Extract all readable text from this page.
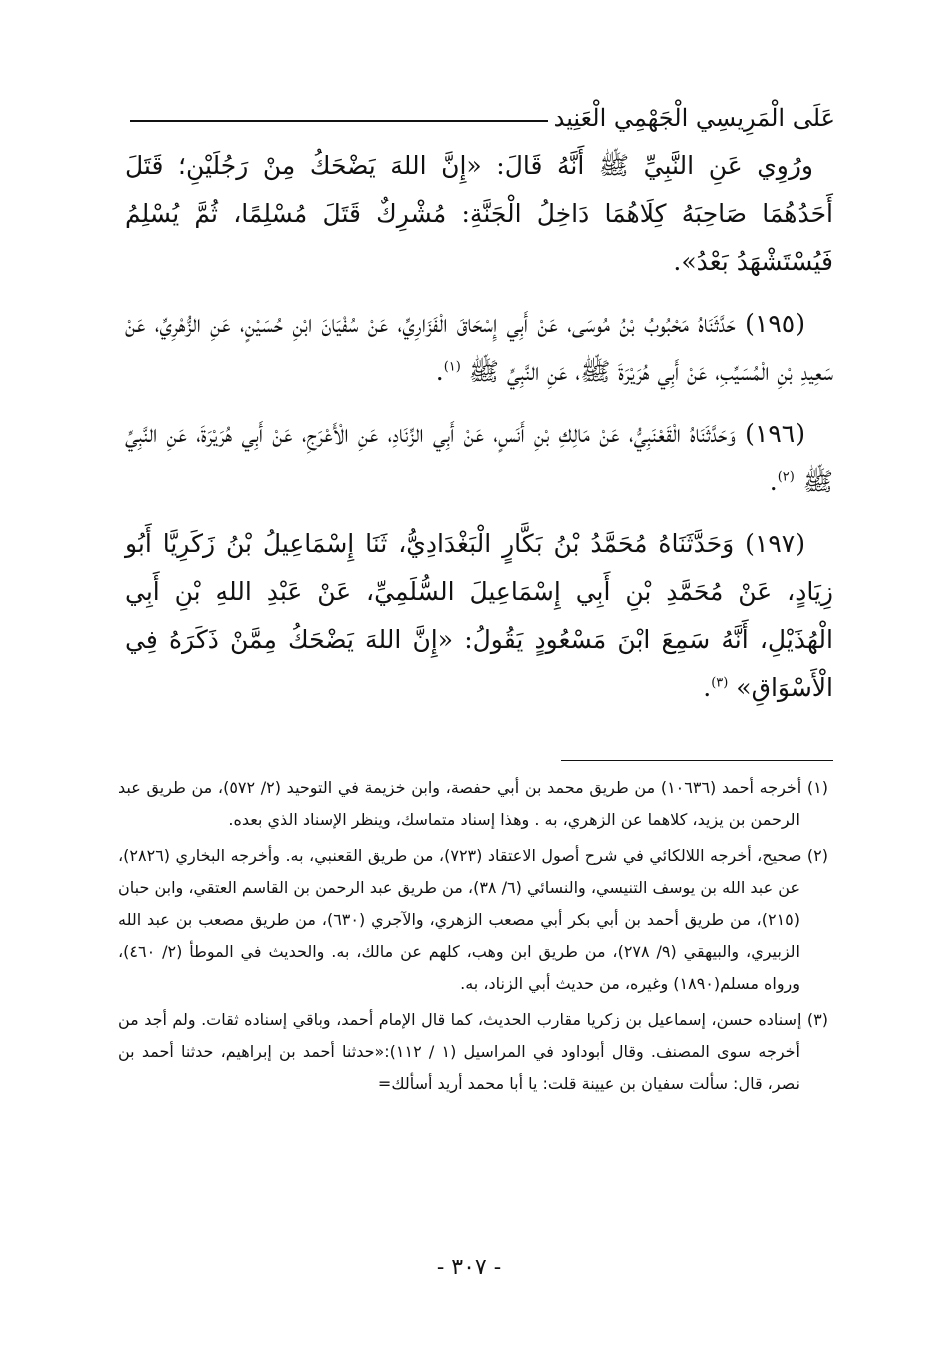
عَلَى الْمَرِيسِي الْجَهْمِي الْعَنِيد

ورُوِي عَنِ النَّبِيِّ ﷺ أَنَّهُ قَالَ: «إِنَّ اللهَ يَضْحَكُ مِنْ رَجُلَيْنِ؛ قَتَلَ أَحَدُهُمَا صَاحِبَهُ كِلَاهُمَا دَاخِلُ الْجَنَّةِ: مُشْرِكٌ قَتَلَ مُسْلِمًا، ثُمَّ يُسْلِمُ فَيُسْتَشْهَدُ بَعْدُ».

(١٩٥) حَدَّثَنَاهُ مَحْبُوبُ بْنُ مُوسَى، عَنْ أَبِي إِسْحَاقَ الْفَزَارِيِّ، عَنْ سُفْيَانَ ابْنِ حُسَيْنٍ، عَنِ الزُّهْرِيِّ، عَنْ سَعِيدِ بْنِ الْمُسَيِّبِ، عَنْ أَبِي هُرَيْرَةَ ﷺ، عَنِ النَّبِيِّ ﷺ $^{(١)}$.

(١٩٦) وَحَدَّثَنَاهُ الْقَعْنَبِيُّ، عَنْ مَالِكِ بْنِ أَنَسٍ، عَنْ أَبِي الزِّنَادِ، عَنِ الْأَعْرَجِ، عَنْ أَبِي هُرَيْرَةَ، عَنِ النَّبِيِّ ﷺ $^{(٢)}$.

(١٩٧) وَحَدَّثَنَاهُ مُحَمَّدُ بْنُ بَكَّارٍ الْبَغْدَادِيُّ، ثَنَا إِسْمَاعِيلُ بْنُ زَكَرِيَّا أَبُو زِيَادٍ، عَنْ مُحَمَّدِ بْنِ أَبِي إِسْمَاعِيلَ السُّلَمِيِّ، عَنْ عَبْدِ اللهِ بْنِ أَبِي الْهُذَيْلِ، أَنَّهُ سَمِعَ ابْنَ مَسْعُودٍ يَقُولُ: «إِنَّ اللهَ يَضْحَكُ مِمَّنْ ذَكَرَهُ فِي الْأَسْوَاقِ» $^{(٣)}$.

(١) أخرجه أحمد (١٠٦٣٦) من طريق محمد بن أبي حفصة، وابن خزيمة في التوحيد (٢/ ٥٧٢)، من طريق عبد الرحمن بن يزيد، كلاهما عن الزهري، به . وهذا إسناد متماسك، وينظر الإسناد الذي بعده.

(٢) صحيح، أخرجه اللالكائي في شرح أصول الاعتقاد (٧٢٣)، من طريق القعنبي، به. وأخرجه البخاري (٢٨٢٦)، عن عبد الله بن يوسف التنيسي، والنسائي (٦/ ٣٨)، من طريق عبد الرحمن بن القاسم العتقي، وابن حبان (٢١٥)، من طريق أحمد بن أبي بكر أبي مصعب الزهري، والآجري (٦٣٠)، من طريق مصعب بن عبد الله الزبيري، والبيهقي (٩/ ٢٧٨)، من طريق ابن وهب، كلهم عن مالك، به. والحديث في الموطأ (٢/ ٤٦٠)، ورواه مسلم(١٨٩٠) وغيره، من حديث أبي الزناد، به.

(٣) إسناده حسن، إسماعيل بن زكريا مقارب الحديث، كما قال الإمام أحمد، وباقي إسناده ثقات. ولم أجد من أخرجه سوى المصنف. وقال أبوداود في المراسيل (١ / ١١٢):«حدثنا أحمد بن إبراهيم، حدثنا أحمد بن نصر، قال: سألت سفيان بن عيينة قلت: يا أبا محمد أريد أسألك=

- ٣٠٧ -
